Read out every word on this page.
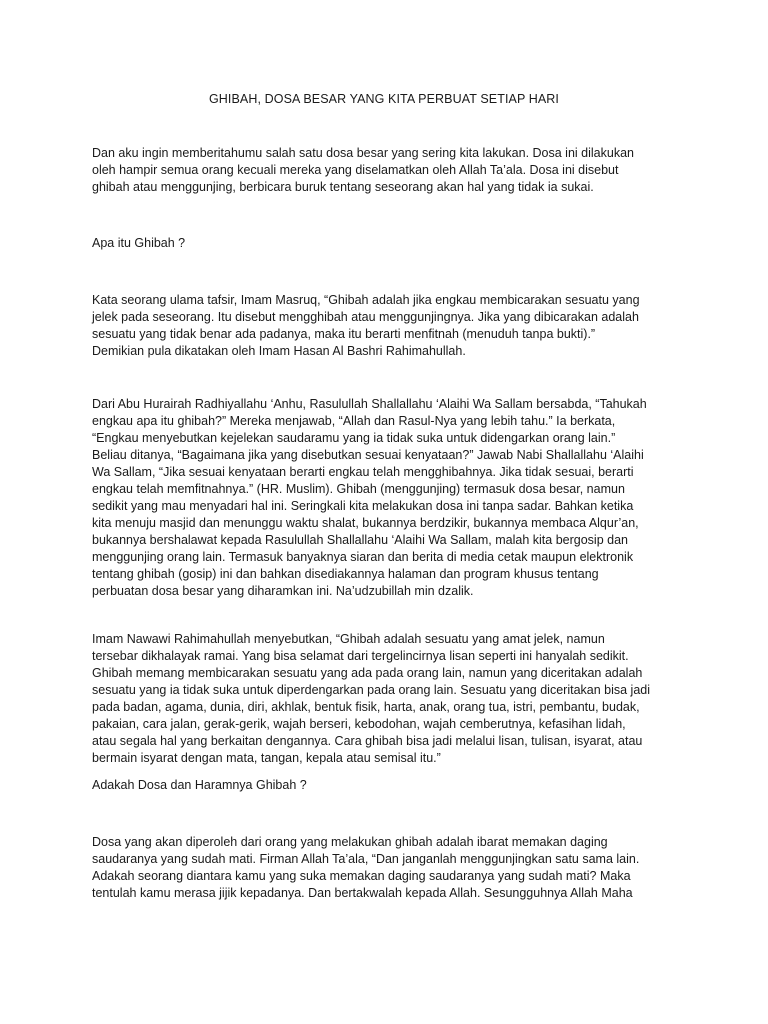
GHIBAH, DOSA BESAR YANG KITA PERBUAT SETIAP HARI

Dan aku ingin memberitahumu salah satu dosa besar yang sering kita lakukan. Dosa ini dilakukan
oleh hampir semua orang kecuali mereka yang diselamatkan oleh Allah Ta’ala. Dosa ini disebut
ghibah atau menggunjing, berbicara buruk tentang seseorang akan hal yang tidak ia sukai.

Apa itu Ghibah ?

Kata seorang ulama tafsir, Imam Masruq, “Ghibah adalah jika engkau membicarakan sesuatu yang
jelek pada seseorang. Itu disebut mengghibah atau menggunjingnya. Jika yang dibicarakan adalah
sesuatu yang tidak benar ada padanya, maka itu berarti menfitnah (menuduh tanpa bukti).”
Demikian pula dikatakan oleh Imam Hasan Al Bashri Rahimahullah.

Dari Abu Hurairah Radhiyallahu ‘Anhu, Rasulullah Shallallahu ‘Alaihi Wa Sallam bersabda, “Tahukah
engkau apa itu ghibah?” Mereka menjawab, “Allah dan Rasul-Nya yang lebih tahu.” Ia berkata,
“Engkau menyebutkan kejelekan saudaramu yang ia tidak suka untuk didengarkan orang lain.”
Beliau ditanya, “Bagaimana jika yang disebutkan sesuai kenyataan?” Jawab Nabi Shallallahu ‘Alaihi
Wa Sallam, “Jika sesuai kenyataan berarti engkau telah mengghibahnya. Jika tidak sesuai, berarti
engkau telah memfitnahnya.” (HR. Muslim). Ghibah (menggunjing) termasuk dosa besar, namun
sedikit yang mau menyadari hal ini. Seringkali kita melakukan dosa ini tanpa sadar. Bahkan ketika
kita menuju masjid dan menunggu waktu shalat, bukannya berdzikir, bukannya membaca Alqur’an,
bukannya bershalawat kepada Rasulullah Shallallahu ‘Alaihi Wa Sallam, malah kita bergosip dan
menggunjing orang lain. Termasuk banyaknya siaran dan berita di media cetak maupun elektronik
tentang ghibah (gosip) ini dan bahkan disediakannya halaman dan program khusus tentang
perbuatan dosa besar yang diharamkan ini. Na’udzubillah min dzalik.

Imam Nawawi Rahimahullah menyebutkan, “Ghibah adalah sesuatu yang amat jelek, namun
tersebar dikhalayak ramai. Yang bisa selamat dari tergelincirnya lisan seperti ini hanyalah sedikit.
Ghibah memang membicarakan sesuatu yang ada pada orang lain, namun yang diceritakan adalah
sesuatu yang ia tidak suka untuk diperdengarkan pada orang lain. Sesuatu yang diceritakan bisa jadi
pada badan, agama, dunia, diri, akhlak, bentuk fisik, harta, anak, orang tua, istri, pembantu, budak,
pakaian, cara jalan, gerak-gerik, wajah berseri, kebodohan, wajah cemberutnya, kefasihan lidah,
atau segala hal yang berkaitan dengannya. Cara ghibah bisa jadi melalui lisan, tulisan, isyarat, atau
bermain isyarat dengan mata, tangan, kepala atau semisal itu.”

Adakah Dosa dan Haramnya Ghibah ?

Dosa yang akan diperoleh dari orang yang melakukan ghibah adalah ibarat memakan daging
saudaranya yang sudah mati. Firman Allah Ta’ala, “Dan janganlah menggunjingkan satu sama lain.
Adakah seorang diantara kamu yang suka memakan daging saudaranya yang sudah mati? Maka
tentulah kamu merasa jijik kepadanya. Dan bertakwalah kepada Allah. Sesungguhnya Allah Maha
